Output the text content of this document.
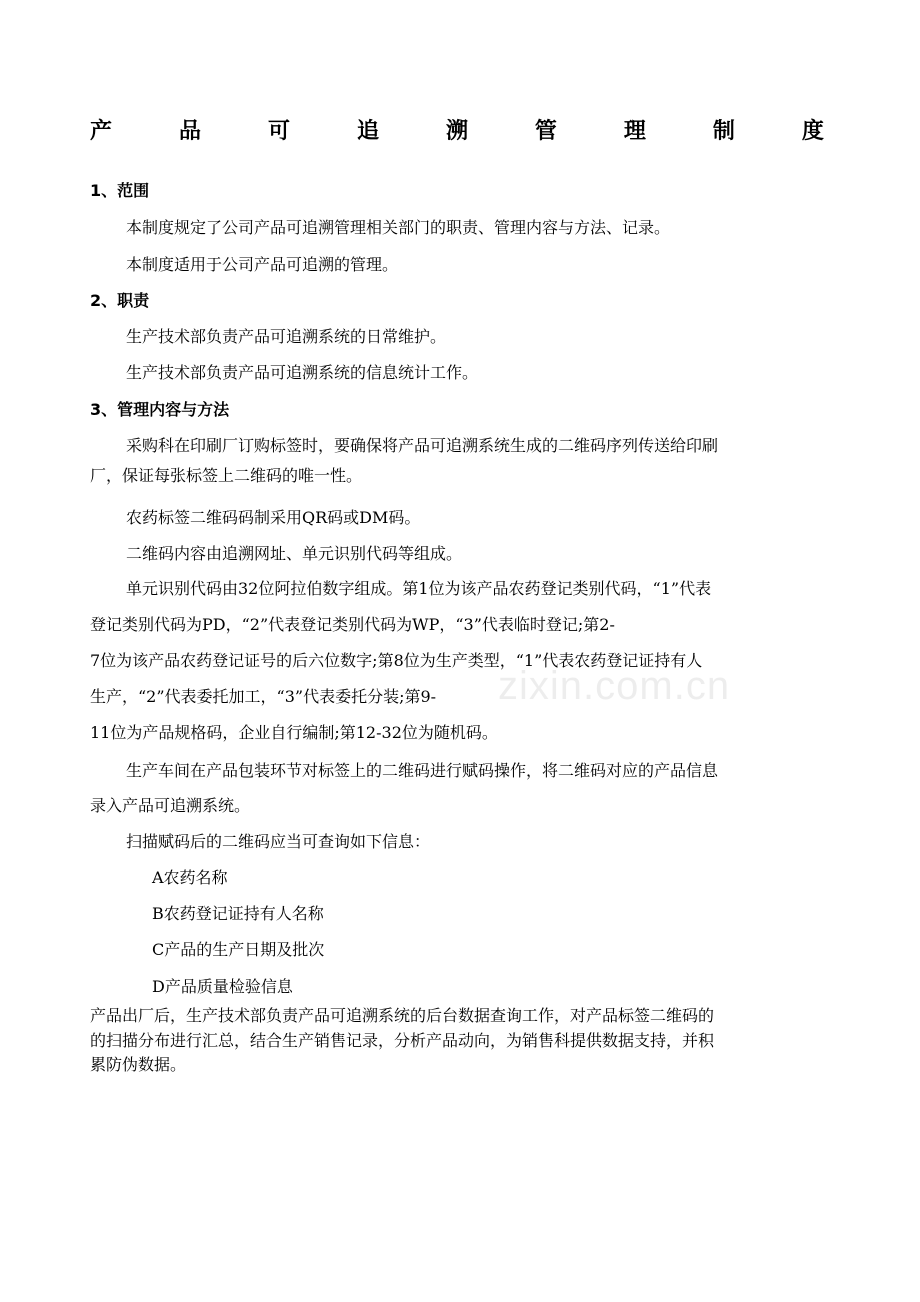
产	品	可	追	溯	管	理	制	度
1、范围
本制度规定了公司产品可追溯管理相关部门的职责、管理内容与方法、记录。
本制度适用于公司产品可追溯的管理。
2、职责
生产技术部负责产品可追溯系统的日常维护。
生产技术部负责产品可追溯系统的信息统计工作。
3、管理内容与方法
采购科在印刷厂订购标签时，要确保将产品可追溯系统生成的二维码序列传送给印刷
厂，保证每张标签上二维码的唯一性。
农药标签二维码码制采用QR码或DM码。
二维码内容由追溯网址、单元识别代码等组成。
单元识别代码由32位阿拉伯数字组成。第1位为该产品农药登记类别代码，“1”代表
登记类别代码为PD，“2”代表登记类别代码为WP，“3”代表临时登记;第2-
7位为该产品农药登记证号的后六位数字;第8位为生产类型，“1”代表农药登记证持有人
生产，“2”代表委托加工，“3”代表委托分装;第9-
11位为产品规格码，企业自行编制;第12-32位为随机码。
生产车间在产品包装环节对标签上的二维码进行赋码操作，将二维码对应的产品信息
录入产品可追溯系统。
扫描赋码后的二维码应当可查询如下信息：
A农药名称
B农药登记证持有人名称
C产品的生产日期及批次
D产品质量检验信息
产品出厂后，生产技术部负责产品可追溯系统的后台数据查询工作，对产品标签二维码的
的扫描分布进行汇总，结合生产销售记录，分析产品动向，为销售科提供数据支持，并积
累防伪数据。
zixin.com.cn
